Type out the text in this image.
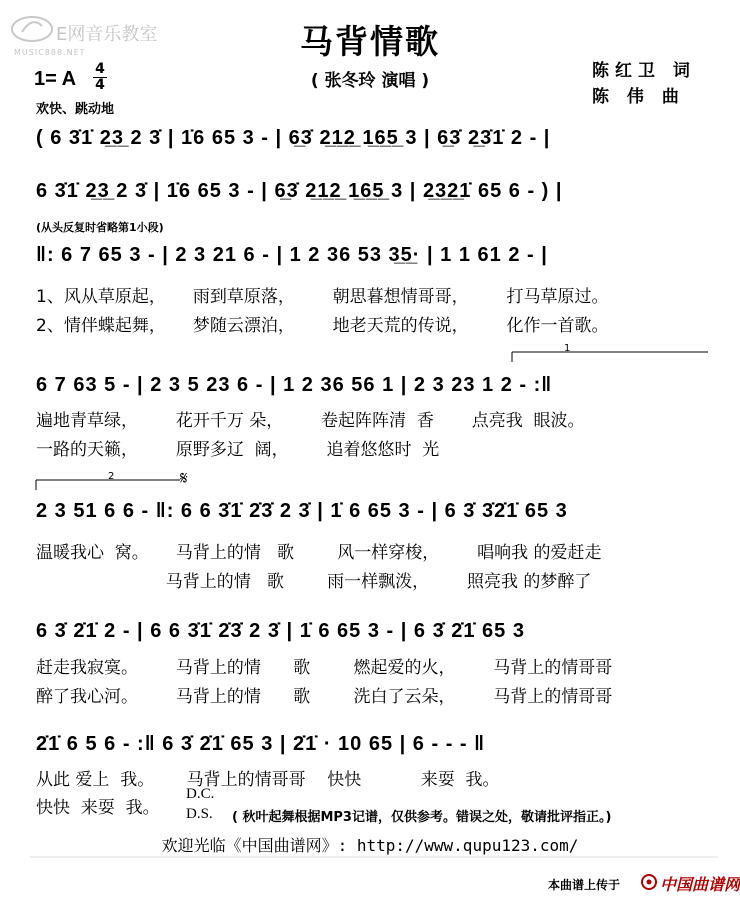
E网音乐教室
MUSIC888.NET	马背情歌
( 张冬玲 演唱 )	陈红卫 词
陈 伟 曲
1= A	4
4
欢快、跳动地
( 6 3̇1̇ 2̲3̲ 2 3̇ | 1̇6 65 3 - | 6̲3̇ 2̲1̲2̲ 1̲6̲5̲ 3 | 6̲3̇ 2̲3̇1̇ 2 - |
6 3̇1̇ 2̲3̲ 2 3̇ | 1̇6 65 3 - | 6̲3̇ 2̲1̲2̲ 1̲6̲5̲ 3 | 2̲3̲2̲1̇ 65 6 - ) |
(从头反复时省略第1小段)
‖: 6 7 65 3 - | 2 3 21 6 - | 1 2 36 53 3̲5̲· | 1 1 61 2 - |
1、风从草原起，     雨到草原落，       朝思暮想情哥哥，       打马草原过。
2、情伴蝶起舞，     梦随云漂泊，       地老天荒的传说，       化作一首歌。
6 7 63 5 - | 2 3 5 23 6 - | 1 2 36 56 1 | 2 3 23 1 2 - :‖
遍地青草绿，       花开千万 朵，       卷起阵阵清  香       点亮我  眼波。
一路的天籁，       原野多辽  阔，       追着悠悠时  光
2	𝄋
2 3 51 6 6 - ‖: 6 6 3̇1̇ 2̇3̇ 2 3̇ | 1̇ 6 65 3 - | 6 3̇ 3̇2̇1̇ 65 3
温暖我心  窝。     马背上的情   歌        风一样穿梭，       唱响我 的爱赶走
马背上的情   歌        雨一样飘泼，       照亮我 的梦醉了
6 3̇ 2̇1̇ 2 - | 6 6 3̇1̇ 2̇3̇ 2 3̇ | 1̇ 6 65 3 - | 6 3̇ 2̇1̇ 65 3
赶走我寂寞。       马背上的情      歌        燃起爱的火，       马背上的情哥哥
醉了我心河。       马背上的情      歌        洗白了云朵，       马背上的情哥哥
2̇1̇ 6 5 6 - :‖ 6 3̇ 2̇1̇ 65 3 | 2̇1̇ · 10 65 | 6 - - - ‖
从此 爱上  我。      马背上的情哥哥    快快           来耍  我。
快快  来耍  我。
D.C.
D.S. ( 秋叶起舞根据MP3记谱，仅供参考。错误之处，敬请批评指正。)
欢迎光临《中国曲谱网》: http://www.qupu123.com/
本曲谱上传于 中国曲谱网
1
